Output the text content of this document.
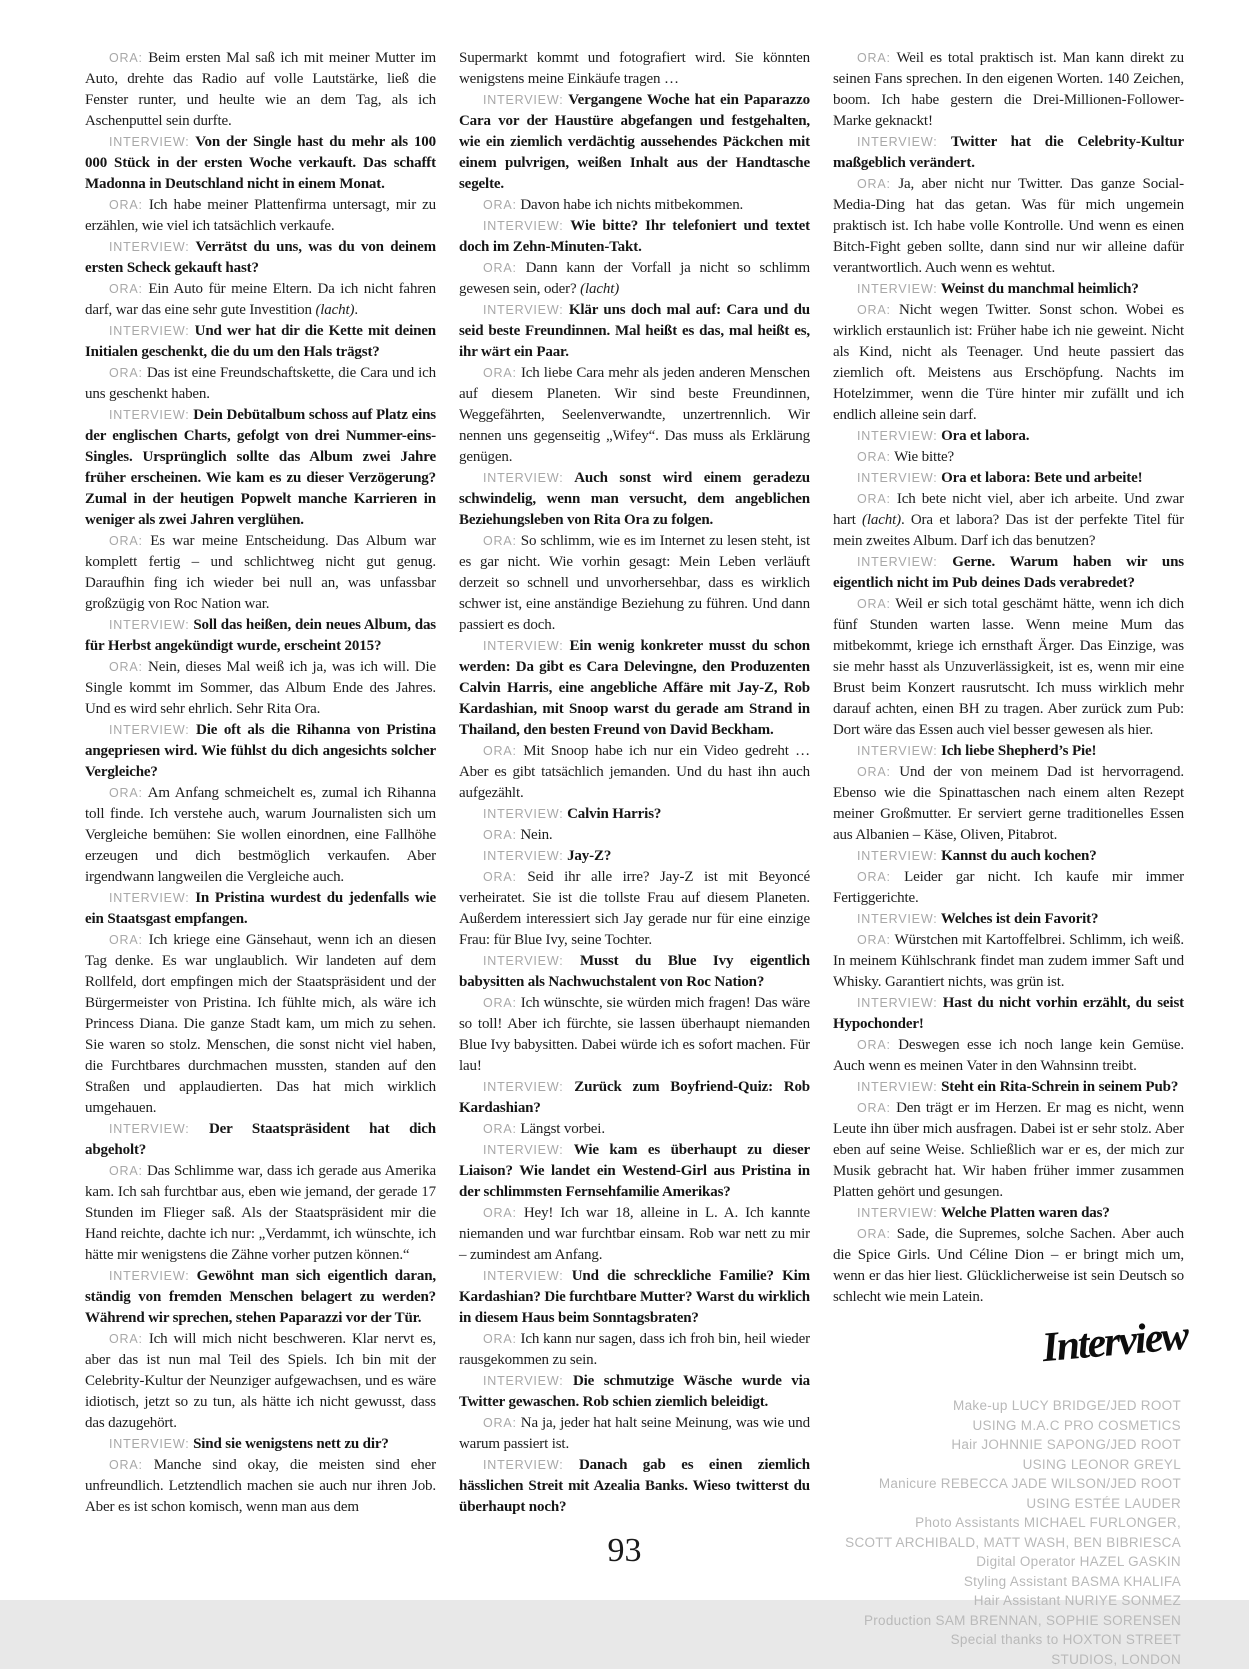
ORA: Beim ersten Mal saß ich mit meiner Mutter im Auto, drehte das Radio auf volle Lautstärke, ließ die Fenster runter, und heulte wie an dem Tag, als ich Aschenputtel sein durfte.

INTERVIEW: Von der Single hast du mehr als 100 000 Stück in der ersten Woche verkauft. Das schafft Madonna in Deutschland nicht in einem Monat.

ORA: Ich habe meiner Plattenfirma untersagt, mir zu erzählen, wie viel ich tatsächlich verkaufe.

INTERVIEW: Verrätst du uns, was du von deinem ersten Scheck gekauft hast?

ORA: Ein Auto für meine Eltern. Da ich nicht fahren darf, war das eine sehr gute Investition (lacht).

INTERVIEW: Und wer hat dir die Kette mit deinen Initialen geschenkt, die du um den Hals trägst?

ORA: Das ist eine Freundschaftskette, die Cara und ich uns geschenkt haben.

INTERVIEW: Dein Debütalbum schoss auf Platz eins der englischen Charts, gefolgt von drei Nummer-eins-Singles. Ursprünglich sollte das Album zwei Jahre früher erscheinen. Wie kam es zu dieser Verzögerung? Zumal in der heutigen Popwelt manche Karrieren in weniger als zwei Jahren verglühen.

ORA: Es war meine Entscheidung. Das Album war komplett fertig – und schlichtweg nicht gut genug. Daraufhin fing ich wieder bei null an, was unfassbar großzügig von Roc Nation war.

INTERVIEW: Soll das heißen, dein neues Album, das für Herbst angekündigt wurde, erscheint 2015?

ORA: Nein, dieses Mal weiß ich ja, was ich will. Die Single kommt im Sommer, das Album Ende des Jahres. Und es wird sehr ehrlich. Sehr Rita Ora.

INTERVIEW: Die oft als die Rihanna von Pristina angepriesen wird. Wie fühlst du dich angesichts solcher Vergleiche?

ORA: Am Anfang schmeichelt es, zumal ich Rihanna toll finde. Ich verstehe auch, warum Journalisten sich um Vergleiche bemühen: Sie wollen einordnen, eine Fallhöhe erzeugen und dich bestmöglich verkaufen. Aber irgendwann langweilen die Vergleiche auch.

INTERVIEW: In Pristina wurdest du jedenfalls wie ein Staatsgast empfangen.

ORA: Ich kriege eine Gänsehaut, wenn ich an diesen Tag denke. Es war unglaublich. Wir landeten auf dem Rollfeld, dort empfingen mich der Staatspräsident und der Bürgermeister von Pristina. Ich fühlte mich, als wäre ich Princess Diana. Die ganze Stadt kam, um mich zu sehen. Sie waren so stolz. Menschen, die sonst nicht viel haben, die Furchtbares durchmachen mussten, standen auf den Straßen und applaudierten. Das hat mich wirklich umgehauen.

INTERVIEW: Der Staatspräsident hat dich abgeholt?

ORA: Das Schlimme war, dass ich gerade aus Amerika kam. Ich sah furchtbar aus, eben wie jemand, der gerade 17 Stunden im Flieger saß. Als der Staatspräsident mir die Hand reichte, dachte ich nur: „Verdammt, ich wünschte, ich hätte mir wenigstens die Zähne vorher putzen können.“

INTERVIEW: Gewöhnt man sich eigentlich daran, ständig von fremden Menschen belagert zu werden? Während wir sprechen, stehen Paparazzi vor der Tür.

ORA: Ich will mich nicht beschweren. Klar nervt es, aber das ist nun mal Teil des Spiels. Ich bin mit der Celebrity-Kultur der Neunziger aufgewachsen, und es wäre idiotisch, jetzt so zu tun, als hätte ich nicht gewusst, dass das dazugehört.

INTERVIEW: Sind sie wenigstens nett zu dir?

ORA: Manche sind okay, die meisten sind eher unfreundlich. Letztendlich machen sie auch nur ihren Job. Aber es ist schon komisch, wenn man aus dem

Supermarkt kommt und fotografiert wird. Sie könnten wenigstens meine Einkäufe tragen …

INTERVIEW: Vergangene Woche hat ein Paparazzo Cara vor der Haustüre abgefangen und festgehalten, wie ein ziemlich verdächtig aussehendes Päckchen mit einem pulvrigen, weißen Inhalt aus der Handtasche segelte.

ORA: Davon habe ich nichts mitbekommen.

INTERVIEW: Wie bitte? Ihr telefoniert und textet doch im Zehn-Minuten-Takt.

ORA: Dann kann der Vorfall ja nicht so schlimm gewesen sein, oder? (lacht)

INTERVIEW: Klär uns doch mal auf: Cara und du seid beste Freundinnen. Mal heißt es das, mal heißt es, ihr wärt ein Paar.

ORA: Ich liebe Cara mehr als jeden anderen Menschen auf diesem Planeten. Wir sind beste Freundinnen, Weggefährten, Seelenverwandte, unzertrennlich. Wir nennen uns gegenseitig „Wifey“. Das muss als Erklärung genügen.

INTERVIEW: Auch sonst wird einem geradezu schwindelig, wenn man versucht, dem angeblichen Beziehungsleben von Rita Ora zu folgen.

ORA: So schlimm, wie es im Internet zu lesen steht, ist es gar nicht. Wie vorhin gesagt: Mein Leben verläuft derzeit so schnell und unvorhersehbar, dass es wirklich schwer ist, eine anständige Beziehung zu führen. Und dann passiert es doch.

INTERVIEW: Ein wenig konkreter musst du schon werden: Da gibt es Cara Delevingne, den Produzenten Calvin Harris, eine angebliche Affäre mit Jay-Z, Rob Kardashian, mit Snoop warst du gerade am Strand in Thailand, den besten Freund von David Beckham.

ORA: Mit Snoop habe ich nur ein Video gedreht … Aber es gibt tatsächlich jemanden. Und du hast ihn auch aufgezählt.

INTERVIEW: Calvin Harris?

ORA: Nein.

INTERVIEW: Jay-Z?

ORA: Seid ihr alle irre? Jay-Z ist mit Beyoncé verheiratet. Sie ist die tollste Frau auf diesem Planeten. Außerdem interessiert sich Jay gerade nur für eine einzige Frau: für Blue Ivy, seine Tochter.

INTERVIEW: Musst du Blue Ivy eigentlich babysitten als Nachwuchstalent von Roc Nation?

ORA: Ich wünschte, sie würden mich fragen! Das wäre so toll! Aber ich fürchte, sie lassen überhaupt niemanden Blue Ivy babysitten. Dabei würde ich es sofort machen. Für lau!

INTERVIEW: Zurück zum Boyfriend-Quiz: Rob Kardashian?

ORA: Längst vorbei.

INTERVIEW: Wie kam es überhaupt zu dieser Liaison? Wie landet ein Westend-Girl aus Pristina in der schlimmsten Fernsehfamilie Amerikas?

ORA: Hey! Ich war 18, alleine in L. A. Ich kannte niemanden und war furchtbar einsam. Rob war nett zu mir – zumindest am Anfang.

INTERVIEW: Und die schreckliche Familie? Kim Kardashian? Die furchtbare Mutter? Warst du wirklich in diesem Haus beim Sonntagsbraten?

ORA: Ich kann nur sagen, dass ich froh bin, heil wieder rausgekommen zu sein.

INTERVIEW: Die schmutzige Wäsche wurde via Twitter gewaschen. Rob schien ziemlich beleidigt.

ORA: Na ja, jeder hat halt seine Meinung, was wie und warum passiert ist.

INTERVIEW: Danach gab es einen ziemlich hässlichen Streit mit Azealia Banks. Wieso twitterst du überhaupt noch?

ORA: Weil es total praktisch ist. Man kann direkt zu seinen Fans sprechen. In den eigenen Worten. 140 Zeichen, boom. Ich habe gestern die Drei-Millionen-Follower-Marke geknackt!

INTERVIEW: Twitter hat die Celebrity-Kultur maßgeblich verändert.

ORA: Ja, aber nicht nur Twitter. Das ganze Social-Media-Ding hat das getan. Was für mich ungemein praktisch ist. Ich habe volle Kontrolle. Und wenn es einen Bitch-Fight geben sollte, dann sind nur wir alleine dafür verantwortlich. Auch wenn es wehtut.

INTERVIEW: Weinst du manchmal heimlich?

ORA: Nicht wegen Twitter. Sonst schon. Wobei es wirklich erstaunlich ist: Früher habe ich nie geweint. Nicht als Kind, nicht als Teenager. Und heute passiert das ziemlich oft. Meistens aus Erschöpfung. Nachts im Hotelzimmer, wenn die Türe hinter mir zufällt und ich endlich alleine sein darf.

INTERVIEW: Ora et labora.

ORA: Wie bitte?

INTERVIEW: Ora et labora: Bete und arbeite!

ORA: Ich bete nicht viel, aber ich arbeite. Und zwar hart (lacht). Ora et labora? Das ist der perfekte Titel für mein zweites Album. Darf ich das benutzen?

INTERVIEW: Gerne. Warum haben wir uns eigentlich nicht im Pub deines Dads verabredet?

ORA: Weil er sich total geschämt hätte, wenn ich dich fünf Stunden warten lasse. Wenn meine Mum das mitbekommt, kriege ich ernsthaft Ärger. Das Einzige, was sie mehr hasst als Unzuverlässigkeit, ist es, wenn mir eine Brust beim Konzert rausrutscht. Ich muss wirklich mehr darauf achten, einen BH zu tragen. Aber zurück zum Pub: Dort wäre das Essen auch viel besser gewesen als hier.

INTERVIEW: Ich liebe Shepherd’s Pie!

ORA: Und der von meinem Dad ist hervorragend. Ebenso wie die Spinattaschen nach einem alten Rezept meiner Großmutter. Er serviert gerne traditionelles Essen aus Albanien – Käse, Oliven, Pitabrot.

INTERVIEW: Kannst du auch kochen?

ORA: Leider gar nicht. Ich kaufe mir immer Fertiggerichte.

INTERVIEW: Welches ist dein Favorit?

ORA: Würstchen mit Kartoffelbrei. Schlimm, ich weiß. In meinem Kühlschrank findet man zudem immer Saft und Whisky. Garantiert nichts, was grün ist.

INTERVIEW: Hast du nicht vorhin erzählt, du seist Hypochonder!

ORA: Deswegen esse ich noch lange kein Gemüse. Auch wenn es meinen Vater in den Wahnsinn treibt.

INTERVIEW: Steht ein Rita-Schrein in seinem Pub?

ORA: Den trägt er im Herzen. Er mag es nicht, wenn Leute ihn über mich ausfragen. Dabei ist er sehr stolz. Aber eben auf seine Weise. Schließlich war er es, der mich zur Musik gebracht hat. Wir haben früher immer zusammen Platten gehört und gesungen.

INTERVIEW: Welche Platten waren das?

ORA: Sade, die Supremes, solche Sachen. Aber auch die Spice Girls. Und Céline Dion – er bringt mich um, wenn er das hier liest. Glücklicherweise ist sein Deutsch so schlecht wie mein Latein.

Interview
Make-up LUCY BRIDGE/JED ROOT
USING M.A.C PRO COSMETICS
Hair JOHNNIE SAPONG/JED ROOT
USING LEONOR GREYL
Manicure REBECCA JADE WILSON/JED ROOT
USING ESTÉE LAUDER
Photo Assistants MICHAEL FURLONGER,
SCOTT ARCHIBALD, MATT WASH, BEN BIBRIESCA
Digital Operator HAZEL GASKIN
Styling Assistant BASMA KHALIFA
Hair Assistant NURIYE SONMEZ
Production SAM BRENNAN, SOPHIE SORENSEN
Special thanks to HOXTON STREET
STUDIOS, LONDON
93
